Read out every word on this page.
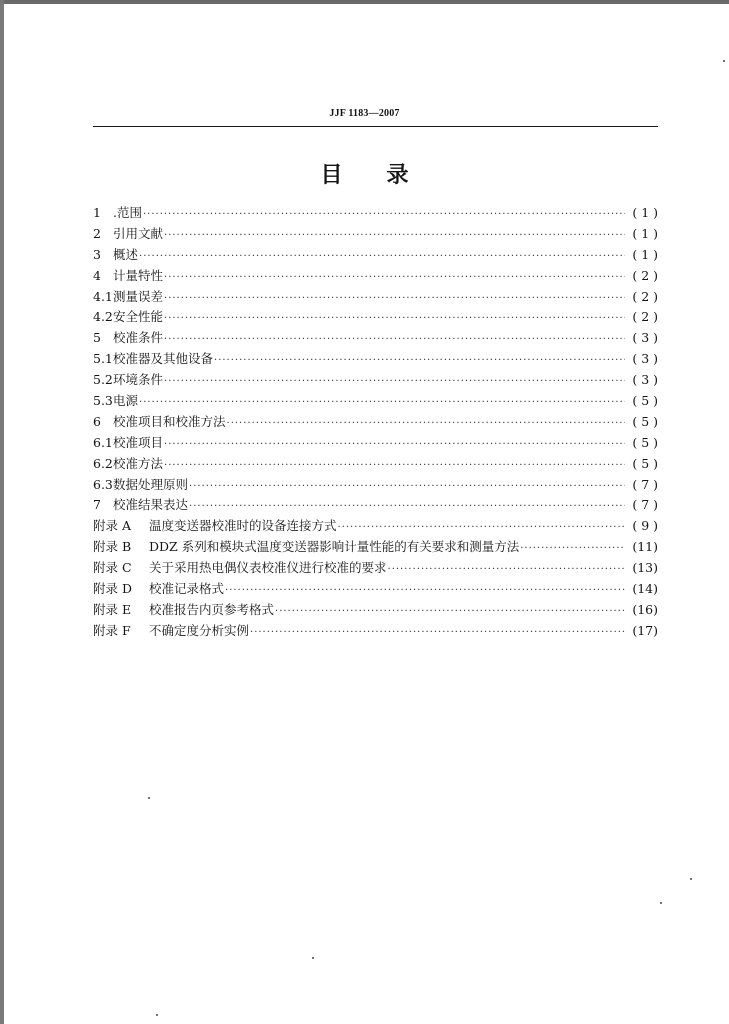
JJF 1183—2007
目 录
1 .范围 ·····	( 1 )
2 引用文献 ·····	( 1 )
3 概述 ·····	( 1 )
4 计量特性 ·····	( 2 )
4.1 测量误差 ·····	( 2 )
4.2 安全性能 ·····	( 2 )
5 校准条件 ·····	( 3 )
5.1 校准器及其他设备 ·····	( 3 )
5.2 环境条件 ·····	( 3 )
5.3 电源 ·····	( 5 )
6 校准项目和校准方法 ·····	( 5 )
6.1 校准项目 ·····	( 5 )
6.2 校准方法 ·····	( 5 )
6.3 数据处理原则 ·····	( 7 )
7 校准结果表达 ·····	( 7 )
附录 A	温度变送器校准时的设备连接方式 ·····	( 9 )
附录 B	DDZ 系列和模块式温度变送器影响计量性能的有关要求和测量方法 ·····	(11)
附录 C	关于采用热电偶仪表校准仪进行校准的要求 ·····	(13)
附录 D	校准记录格式 ·····	(14)
附录 E	校准报告内页参考格式 ·····	(16)
附录 F	不确定度分析实例 ·····	(17)
